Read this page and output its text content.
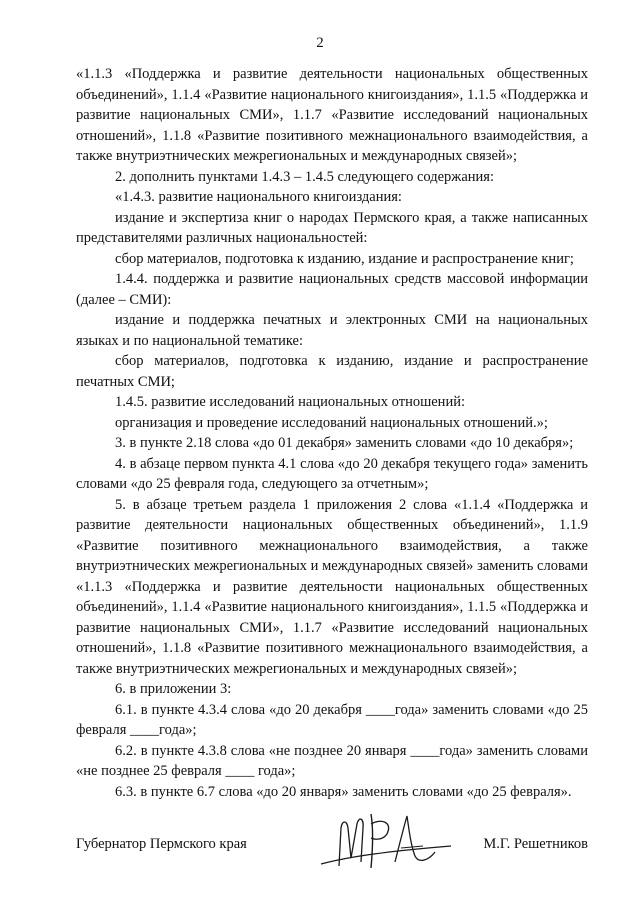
2

«1.1.3 «Поддержка и развитие деятельности национальных общественных объединений», 1.1.4 «Развитие национального книгоиздания», 1.1.5 «Поддержка и развитие национальных СМИ», 1.1.7 «Развитие исследований национальных отношений», 1.1.8 «Развитие позитивного межнационального взаимодействия, а также внутриэтнических межрегиональных и международных связей»;

2. дополнить пунктами 1.4.3 – 1.4.5 следующего содержания:

«1.4.3. развитие национального книгоиздания:

издание и экспертиза книг о народах Пермского края, а также написанных представителями различных национальностей:

сбор материалов, подготовка к изданию, издание и распространение книг;

1.4.4. поддержка и развитие национальных средств массовой информации (далее – СМИ):

издание и поддержка печатных и электронных СМИ на национальных языках и по национальной тематике:

сбор материалов, подготовка к изданию, издание и распространение печатных СМИ;

1.4.5. развитие исследований национальных отношений:

организация и проведение исследований национальных отношений.»;

3. в пункте 2.18 слова «до 01 декабря» заменить словами «до 10 декабря»;

4. в абзаце первом пункта 4.1 слова «до 20 декабря текущего года» заменить словами «до 25 февраля года, следующего за отчетным»;

5. в абзаце третьем раздела 1 приложения 2 слова «1.1.4 «Поддержка и развитие деятельности национальных общественных объединений», 1.1.9 «Развитие позитивного межнационального взаимодействия, а также внутриэтнических межрегиональных и международных связей» заменить словами «1.1.3 «Поддержка и развитие деятельности национальных общественных объединений», 1.1.4 «Развитие национального книгоиздания», 1.1.5 «Поддержка и развитие национальных СМИ», 1.1.7 «Развитие исследований национальных отношений», 1.1.8 «Развитие позитивного межнационального взаимодействия, а также внутриэтнических межрегиональных и международных связей»;

6. в приложении 3:

6.1. в пункте 4.3.4 слова «до 20 декабря ____года» заменить словами «до 25 февраля ____года»;

6.2. в пункте 4.3.8 слова «не позднее 20 января ____года» заменить словами «не позднее 25 февраля ____ года»;

6.3. в пункте 6.7 слова «до 20 января» заменить словами «до 25 февраля».

Губернатор Пермского края	М.Г. Решетников
